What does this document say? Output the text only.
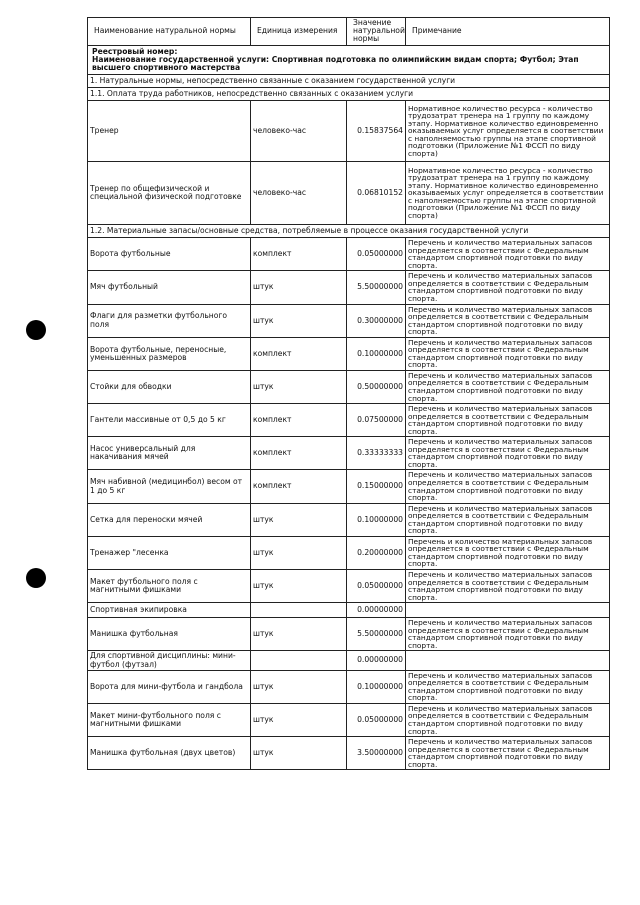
Наименование натуральной нормы	Единица измерения	Значение натуральной нормы	Примечание

Реестровый номер:
Наименование государственной услуги: Спортивная подготовка по олимпийским видам спорта; Футбол; Этап высшего спортивного мастерства			

1. Натуральные нормы, непосредственно связанные с оказанием государственной услуги			
1.1. Оплата труда работников, непосредственно связанных с оказанием услуги			
Тренер	человеко-час	0.15837564	Нормативное количество ресурса - количество трудозатрат тренера на 1 группу по каждому этапу. Нормативное количество единовременно оказываемых услуг определяется в соответствии с наполняемостью группы на этапе спортивной подготовки (Приложение №1 ФССП по виду спорта)
Тренер по общефизической и специальной физической подготовке	человеко-час	0.06810152	Нормативное количество ресурса - количество трудозатрат тренера на 1 группу по каждому этапу. Нормативное количество единовременно оказываемых услуг определяется в соответствии с наполняемостью группы на этапе спортивной подготовки (Приложение №1 ФССП по виду спорта)
1.2. Материальные запасы/основные средства, потребляемые в процессе оказания государственной услуги			
Ворота футбольные	комплект	0.05000000	Перечень и количество материальных запасов определяется в соответствии с Федеральным стандартом спортивной подготовки по виду спорта.
Мяч футбольный	штук	5.50000000	Перечень и количество материальных запасов определяется в соответствии с Федеральным стандартом спортивной подготовки по виду спорта.
Флаги для разметки футбольного поля	штук	0.30000000	Перечень и количество материальных запасов определяется в соответствии с Федеральным стандартом спортивной подготовки по виду спорта.
Ворота футбольные, переносные, уменьшенных размеров	комплект	0.10000000	Перечень и количество материальных запасов определяется в соответствии с Федеральным стандартом спортивной подготовки по виду спорта.
Стойки для обводки	штук	0.50000000	Перечень и количество материальных запасов определяется в соответствии с Федеральным стандартом спортивной подготовки по виду спорта.
Гантели массивные от 0,5 до 5 кг	комплект	0.07500000	Перечень и количество материальных запасов определяется в соответствии с Федеральным стандартом спортивной подготовки по виду спорта.
Насос универсальный для накачивания мячей	комплект	0.33333333	Перечень и количество материальных запасов определяется в соответствии с Федеральным стандартом спортивной подготовки по виду спорта.
Мяч набивной (медицинбол) весом от 1 до 5 кг	комплект	0.15000000	Перечень и количество материальных запасов определяется в соответствии с Федеральным стандартом спортивной подготовки по виду спорта.
Сетка для переноски мячей	штук	0.10000000	Перечень и количество материальных запасов определяется в соответствии с Федеральным стандартом спортивной подготовки по виду спорта.
Тренажер "лесенка	штук	0.20000000	Перечень и количество материальных запасов определяется в соответствии с Федеральным стандартом спортивной подготовки по виду спорта.
Макет футбольного поля с магнитными фишками	штук	0.05000000	Перечень и количество материальных запасов определяется в соответствии с Федеральным стандартом спортивной подготовки по виду спорта.
Спортивная экипировка		0.00000000	
Манишка футбольная	штук	5.50000000	Перечень и количество материальных запасов определяется в соответствии с Федеральным стандартом спортивной подготовки по виду спорта.
Для спортивной дисциплины: мини-футбол (футзал)		0.00000000	
Ворота для мини-футбола и гандбола	штук	0.10000000	Перечень и количество материальных запасов определяется в соответствии с Федеральным стандартом спортивной подготовки по виду спорта.
Макет мини-футбольного поля с магнитными фишками	штук	0.05000000	Перечень и количество материальных запасов определяется в соответствии с Федеральным стандартом спортивной подготовки по виду спорта.
Манишка футбольная (двух цветов)	штук	3.50000000	Перечень и количество материальных запасов определяется в соответствии с Федеральным стандартом спортивной подготовки по виду спорта.
